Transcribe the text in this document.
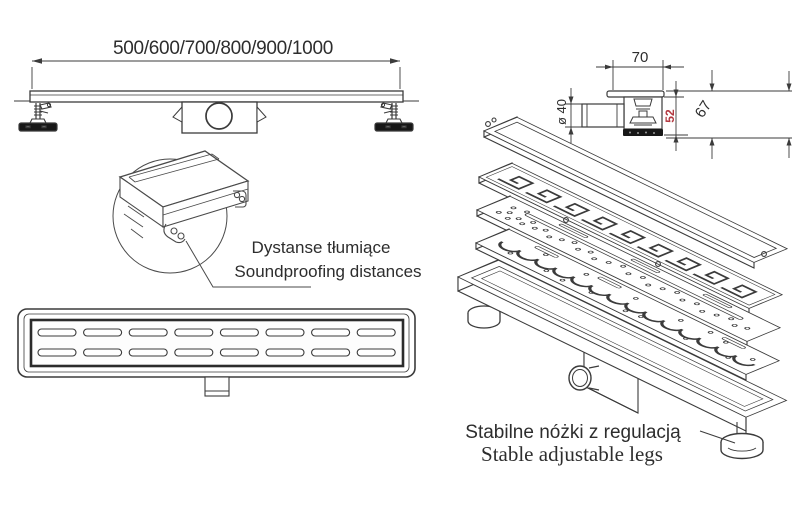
500/600/700/800/900/1000
Dystanse tłumiące
Soundproofing distances
70
ø 40	52 67
Stabilne nóżki z regulacją
Stable adjustable legs
